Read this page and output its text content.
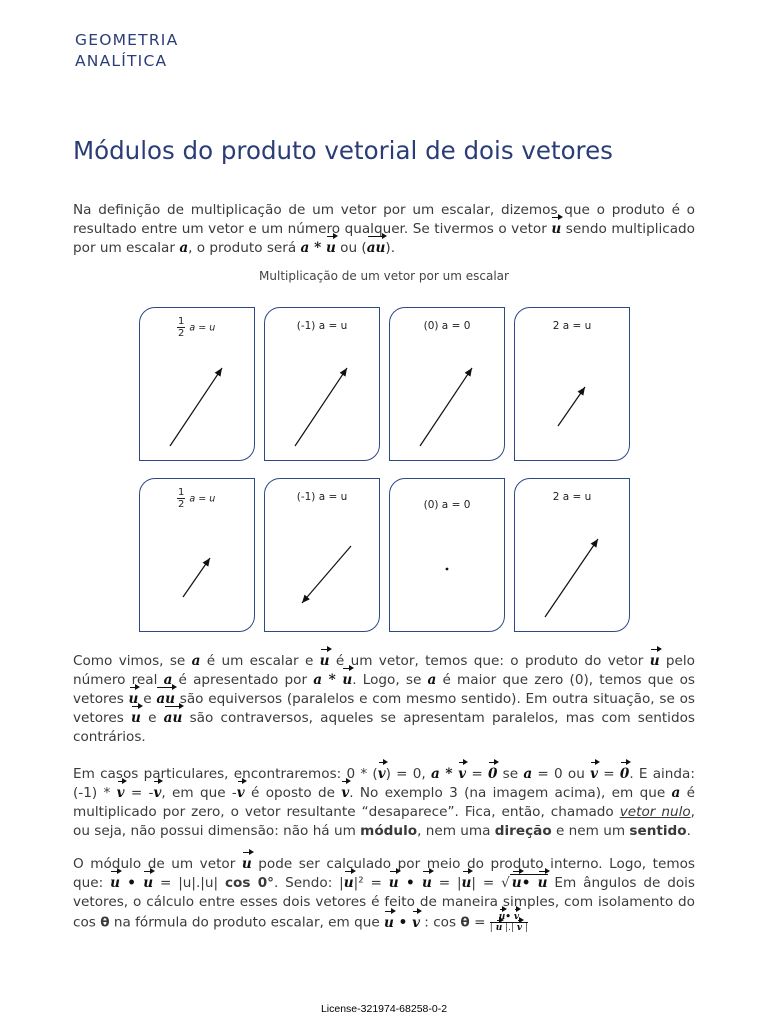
GEOMETRIA
ANALÍTICA
Módulos do produto vetorial de dois vetores

Na definição de multiplicação de um vetor por um escalar, dizemos que o produto é o resultado entre um vetor e um número qualquer. Se tivermos o vetor u sendo multiplicado por um escalar a, o produto será a * u ou (au).

Multiplicação de um vetor por um escalar
$\frac{1}{2}$ a = u	(-1) a = u	(0) a = 0	2 a = u
$\frac{1}{2}$ a = u	(-1) a = u
(0) a = 0
2 a = u

Como vimos, se a é um escalar e u é um vetor, temos que: o produto do vetor u pelo número real a é apresentado por a * u. Logo, se a é maior que zero (0), temos que os vetores u e au são equiversos (paralelos e com mesmo sentido). Em outra situação, se os vetores u e au são contraversos, aqueles se apresentam paralelos, mas com sentidos contrários.

Em casos particulares, encontraremos: 0 * (v) = 0, a * v = 0 se a = 0 ou v = 0. E ainda: (-1) * v = -v, em que -v é oposto de v. No exemplo 3 (na imagem acima), em que a é multiplicado por zero, o vetor resultante “desaparece”. Fica, então, chamado vetor nulo, ou seja, não possui dimensão: não há um módulo, nem uma direção e nem um sentido.

O módulo de um vetor u pode ser calculado por meio do produto interno. Logo, temos que: u • u = |u|.|u| cos 0°. Sendo: |u|² = u • u = |u| = √ u• u Em ângulos de dois vetores, o cálculo entre esses dois vetores é feito de maneira simples, com isolamento do cos θ na fórmula do produto escalar, em que u • v : $\cos \theta = \frac{u• v}{| u |.| v |}$

License-321974-68258-0-2
